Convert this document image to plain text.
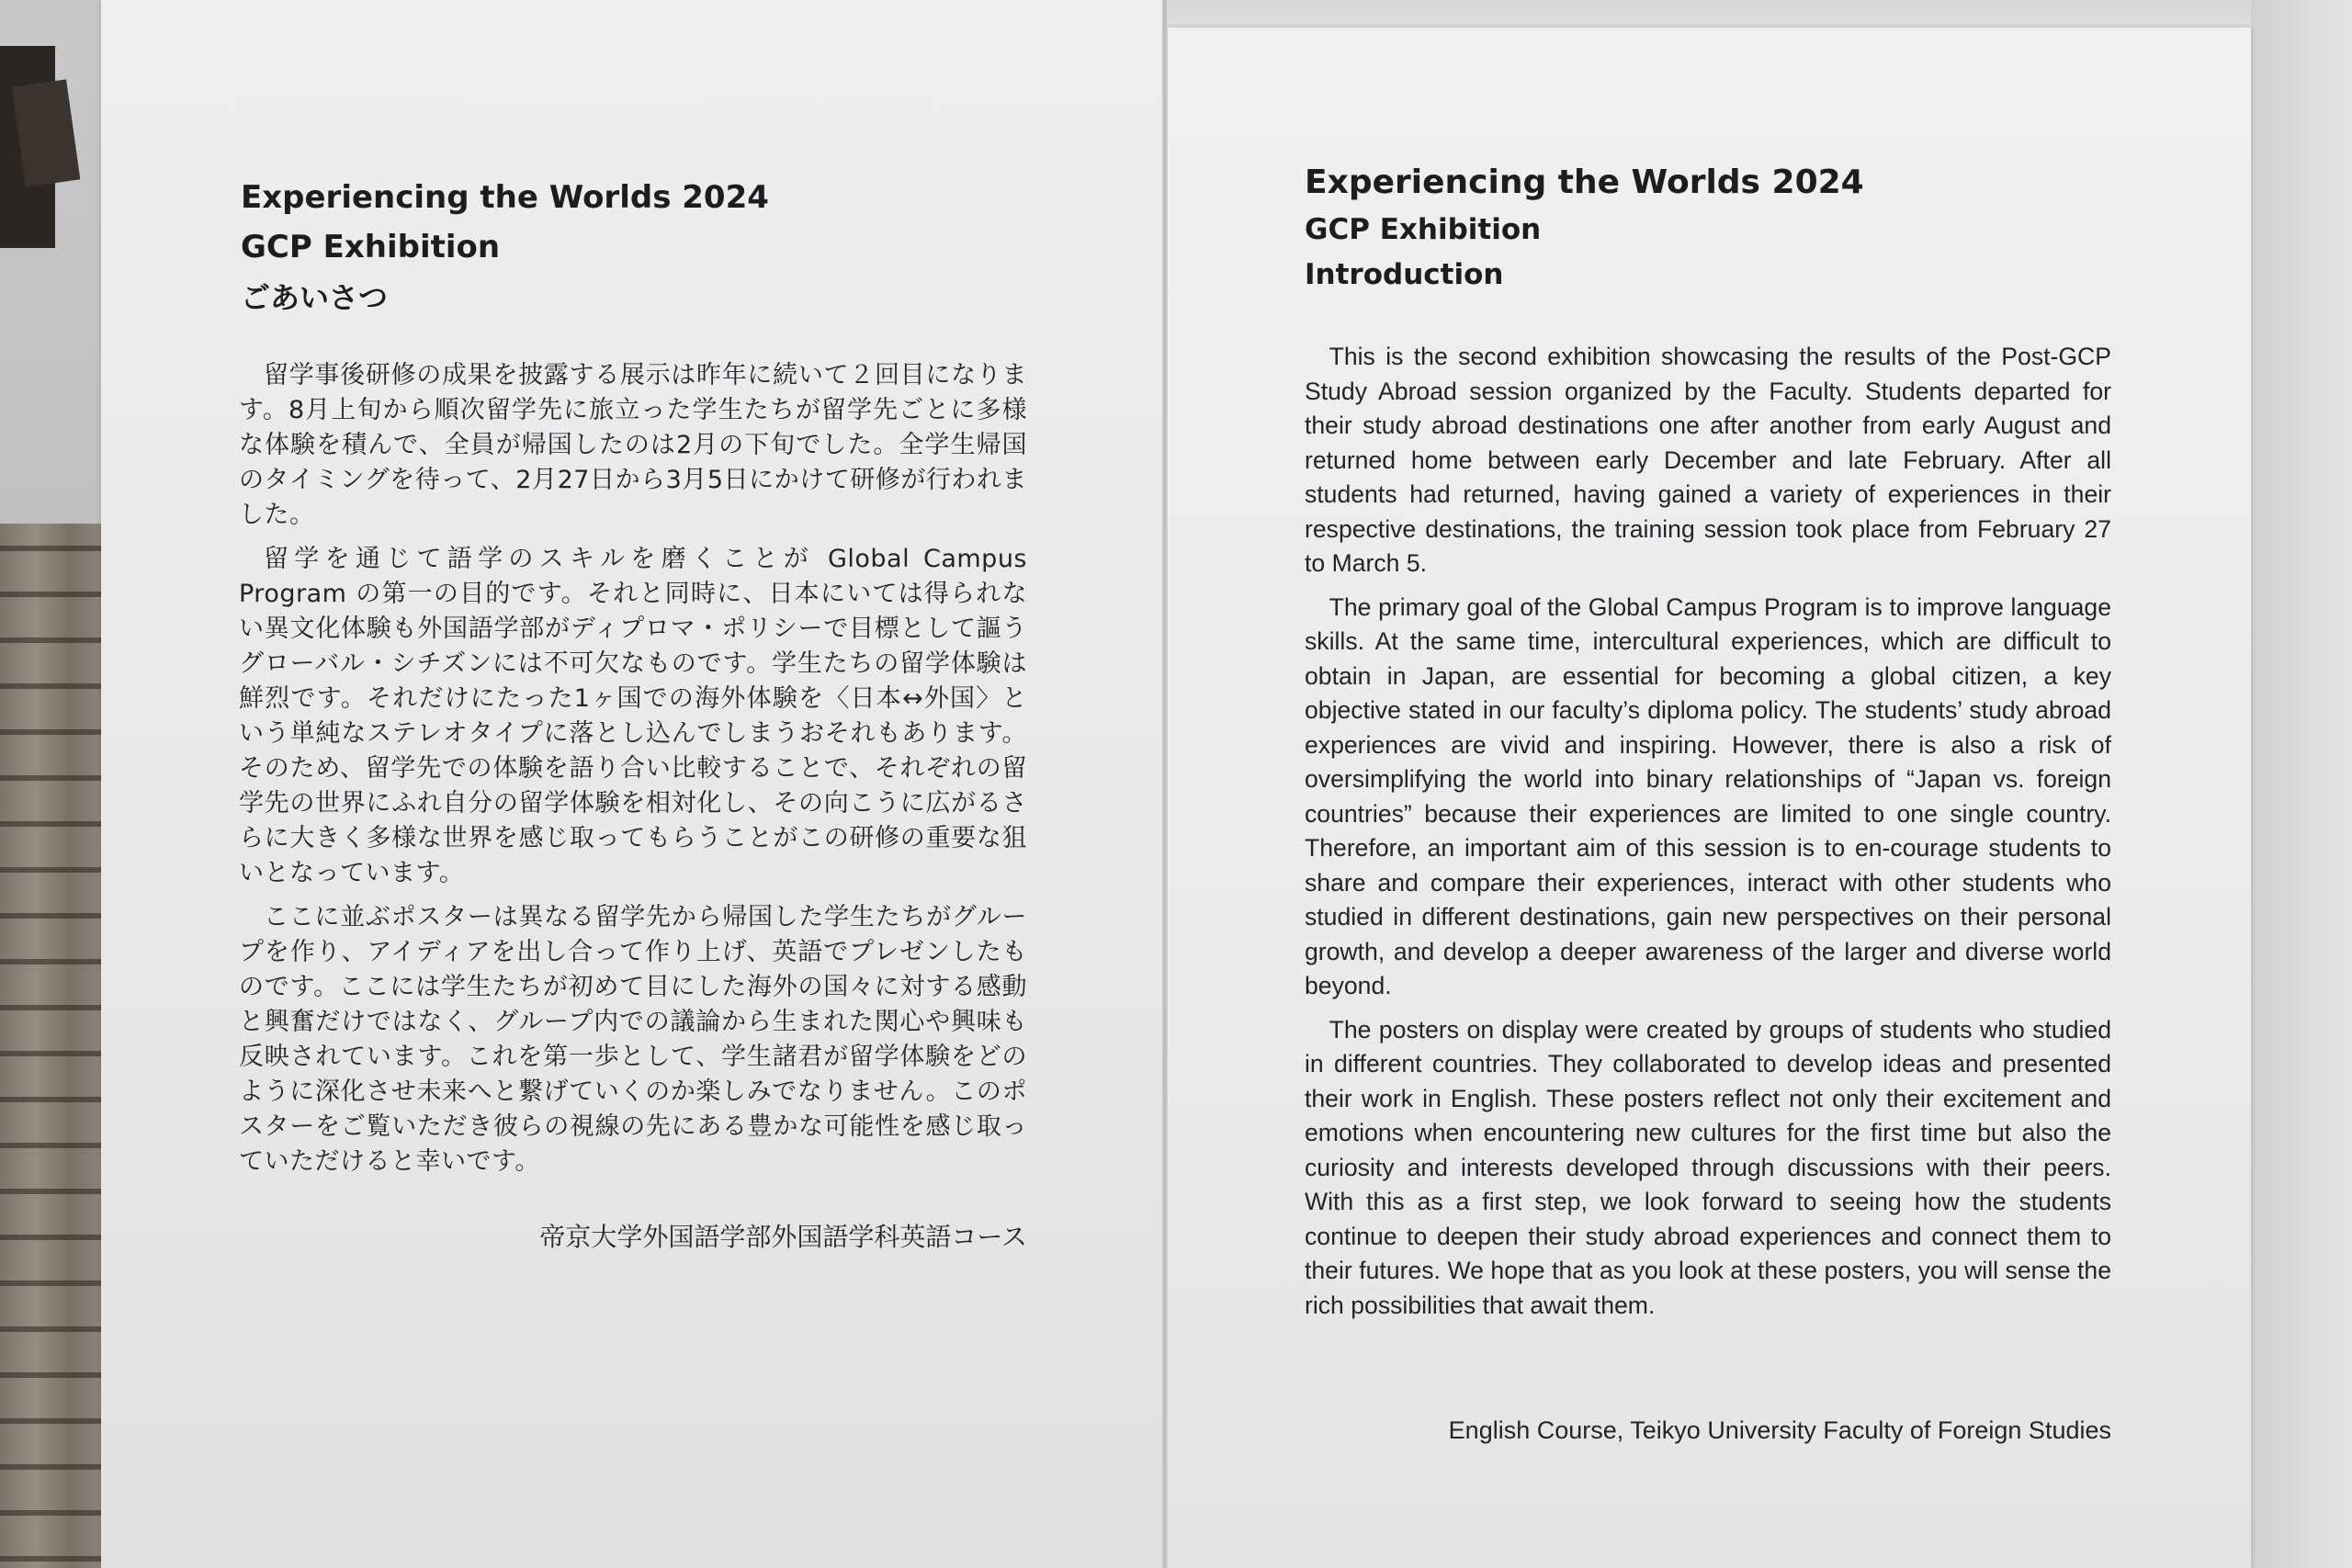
Experiencing the Worlds 2024
GCP Exhibition
ごあいさつ

留学事後研修の成果を披露する展示は昨年に続いて２回目になります。8月上旬から順次留学先に旅立った学生たちが留学先ごとに多様な体験を積んで、全員が帰国したのは2月の下旬でした。全学生帰国のタイミングを待って、2月27日から3月5日にかけて研修が行われました。

留学を通じて語学のスキルを磨くことが Global Campus Program の第一の目的です。それと同時に、日本にいては得られない異文化体験も外国語学部がディプロマ・ポリシーで目標として謳うグローバル・シチズンには不可欠なものです。学生たちの留学体験は鮮烈です。それだけにたった1ヶ国での海外体験を〈日本↔外国〉という単純なステレオタイプに落とし込んでしまうおそれもあります。そのため、留学先での体験を語り合い比較することで、それぞれの留学先の世界にふれ自分の留学体験を相対化し、その向こうに広がるさらに大きく多様な世界を感じ取ってもらうことがこの研修の重要な狙いとなっています。

ここに並ぶポスターは異なる留学先から帰国した学生たちがグループを作り、アイディアを出し合って作り上げ、英語でプレゼンしたものです。ここには学生たちが初めて目にした海外の国々に対する感動と興奮だけではなく、グループ内での議論から生まれた関心や興味も反映されています。これを第一歩として、学生諸君が留学体験をどのように深化させ未来へと繋げていくのか楽しみでなりません。このポスターをご覧いただき彼らの視線の先にある豊かな可能性を感じ取っていただけると幸いです。

帝京大学外国語学部外国語学科英語コース
Experiencing the Worlds 2024
GCP Exhibition
Introduction

This is the second exhibition showcasing the results of the Post-GCP Study Abroad session organized by the Faculty. Students departed for their study abroad destinations one after another from early August and returned home between early December and late February. After all students had returned, having gained a variety of experiences in their respective destinations, the training session took place from February 27 to March 5.

The primary goal of the Global Campus Program is to improve language skills. At the same time, intercultural experiences, which are difficult to obtain in Japan, are essential for becoming a global citizen, a key objective stated in our faculty’s diploma policy. The students’ study abroad experiences are vivid and inspiring. However, there is also a risk of oversimplifying the world into binary relationships of “Japan vs. foreign countries” because their experiences are limited to one single country. Therefore, an important aim of this session is to en-courage students to share and compare their experiences, interact with other students who studied in different destinations, gain new perspectives on their personal growth, and develop a deeper awareness of the larger and diverse world beyond.

The posters on display were created by groups of students who studied in different countries. They collaborated to develop ideas and presented their work in English. These posters reflect not only their excitement and emotions when encountering new cultures for the first time but also the curiosity and interests developed through discussions with their peers. With this as a first step, we look forward to seeing how the students continue to deepen their study abroad experiences and connect them to their futures. We hope that as you look at these posters, you will sense the rich possibilities that await them.

English Course, Teikyo University Faculty of Foreign Studies
